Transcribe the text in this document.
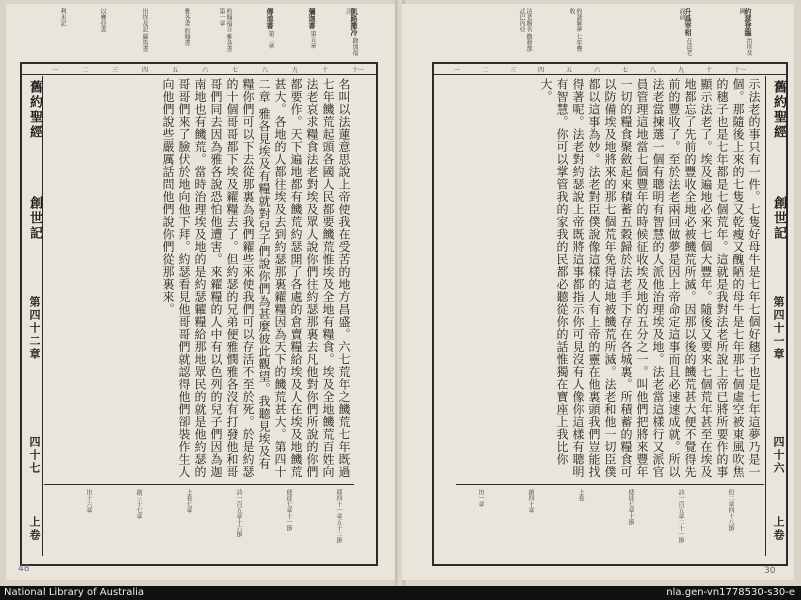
凱路撒冷 錄加福音
彌迦書 第五章
傳道書 第二章
約翰福音 雅各書 第一章
雅各書 約翰書
出埃及記 羅馬書
以賽亞書
利未記
十一
十
九
八
七
六
五
四
三
二
一
舊約聖經
創世記
第四十二章
四十七
上卷
名叫以法蓮意思說上帝使我在受苦的地方昌盛。六七荒年之饑荒七年既過七年饑荒起頭各國人民都要饑荒惟埃及全地有糧食。埃及全地饑荒百姓向法老哀求糧食法老對埃及眾人說你們往約瑟那裏去凡他對你們所說的你們都要作。天下遍地都有饑荒約瑟開了各處的倉賣糧給埃及人在埃及地饑荒甚大。各地的人都往埃及去到約瑟那裏糴糧因為天下的饑荒甚大。第四十二章 雅各見埃及有糧就對兒子們說你們為甚麼彼此觀望。我聽見埃及有糧你們可以下去從那裏為我們糴些來使我們可以存活不至於死。於是約瑟的十個哥哥都下埃及糴糧去了。但約瑟的兄弟便雅憫雅各沒有打發他和哥哥們同去因為雅各說恐怕他遭害。來糴糧的人中有以色列的兒子們因為迦南地也有饑荒。當時治理埃及地的是約瑟糶糧給那地眾民的就是他約瑟的哥哥們來了臉伏於地向他下拜。約瑟看見他哥哥們就認得他們卻裝作生人向他們說些嚴厲話問他們說你們從那裏來。
耶四十一章五十二節
使徒七章十一節
詩一百五章十六節
上卷七章
創三十七章
出十六章
48
約瑟登臨 治埃及國
升爲宰相 在法老面前
約瑟解夢 七年豐收
法老賜名 撒發那忒巴內亞
十一
十
九
八
七
六
五
四
三
二
一
舊約聖經
創世記
第四十一章
四十六
上卷
示法老的事只有一件。七隻好母牛是七年七個好穗子也是七年這夢乃是一個。那隨後上來的七隻又乾瘦又醜陋的母牛是七年那七個虛空被東風吹焦的穗子也是七年都是七個荒年。這就是我對法老所說上帝已將所要作的事顯示法老了。埃及遍地必來七個大豐年。隨後又要來七個荒年甚至在埃及地都忘了先前的豐收全地必被饑荒所滅。因那以後的饑荒甚大便不覺得先前的豐收了。至於法老兩回做夢是因上帝命定這事而且必速速成就。所以法老當揀選一個有聰明有智慧的人派他治理埃及地。法老當這樣行又派官員管理這地當七個豐年的時候征收埃及地的五分之一。叫他們把將來豐年一切的糧食聚斂起來積蓄五穀歸於法老手下存在各城裏。所積蓄的糧食可以防備埃及地將來的那七個荒年免得這地被饑荒所滅。法老和他一切臣僕都以這事為妙。法老對臣僕說像這樣的人有上帝的靈在他裏頭我們豈能找得著呢。法老對約瑟說上帝既將這事都指示你可見沒有人像你這樣有聰明有智慧。你可以掌管我的家我的民都必聽從你的話惟獨在寶座上我比你大。
但二章四十八節
詩一百五章二十一節
使徒七章十節
上卷
創四十章
出一章
30
National Library of Australia	nla.gen-vn1778530-s30-e
